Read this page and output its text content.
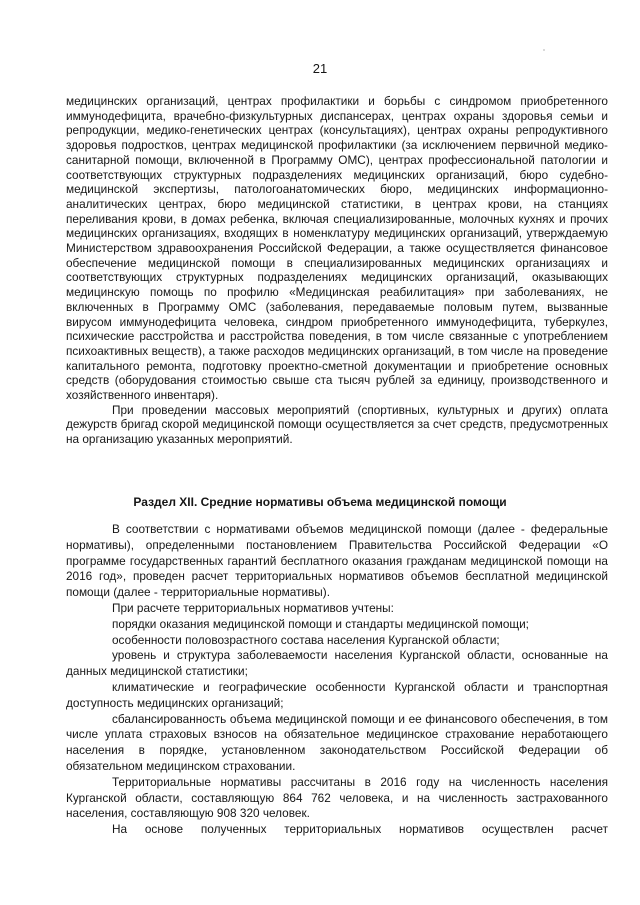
21

медицинских организаций, центрах профилактики и борьбы с синдромом приобретенного иммунодефицита, врачебно-физкультурных диспансерах, центрах охраны здоровья семьи и репродукции, медико-генетических центрах (консультациях), центрах охраны репродуктивного здоровья подростков, центрах медицинской профилактики (за исключением первичной медико-санитарной помощи, включенной в Программу ОМС), центрах профессиональной патологии и соответствующих структурных подразделениях медицинских организаций, бюро судебно-медицинской экспертизы, патологоанатомических бюро, медицинских информационно-аналитических центрах, бюро медицинской статистики, в центрах крови, на станциях переливания крови, в домах ребенка, включая специализированные, молочных кухнях и прочих медицинских организациях, входящих в номенклатуру медицинских организаций, утверждаемую Министерством здравоохранения Российской Федерации, а также осуществляется финансовое обеспечение медицинской помощи в специализированных медицинских организациях и соответствующих структурных подразделениях медицинских организаций, оказывающих медицинскую помощь по профилю «Медицинская реабилитация» при заболеваниях, не включенных в Программу ОМС (заболевания, передаваемые половым путем, вызванные вирусом иммунодефицита человека, синдром приобретенного иммунодефицита, туберкулез, психические расстройства и расстройства поведения, в том числе связанные с употреблением психоактивных веществ), а также расходов медицинских организаций, в том числе на проведение капитального ремонта, подготовку проектно-сметной документации и приобретение основных средств (оборудования стоимостью свыше ста тысяч рублей за единицу, производственного и хозяйственного инвентаря).

При проведении массовых мероприятий (спортивных, культурных и других) оплата дежурств бригад скорой медицинской помощи осуществляется за счет средств, предусмотренных на организацию указанных мероприятий.

Раздел XII. Средние нормативы объема медицинской помощи

В соответствии с нормативами объемов медицинской помощи (далее - федеральные нормативы), определенными постановлением Правительства Российской Федерации «О программе государственных гарантий бесплатного оказания гражданам медицинской помощи на 2016 год», проведен расчет территориальных нормативов объемов бесплатной медицинской помощи (далее - территориальные нормативы).

При расчете территориальных нормативов учтены:

порядки оказания медицинской помощи и стандарты медицинской помощи;

особенности половозрастного состава населения Курганской области;

уровень и структура заболеваемости населения Курганской области, основанные на данных медицинской статистики;

климатические и географические особенности Курганской области и транспортная доступность медицинских организаций;

сбалансированность объема медицинской помощи и ее финансового обеспечения, в том числе уплата страховых взносов на обязательное медицинское страхование неработающего населения в порядке, установленном законодательством Российской Федерации об обязательном медицинском страховании.

Территориальные нормативы рассчитаны в 2016 году на численность населения Курганской области, составляющую 864 762 человека, и на численность застрахованного населения, составляющую 908 320 человек.

На основе полученных территориальных нормативов осуществлен расчет
